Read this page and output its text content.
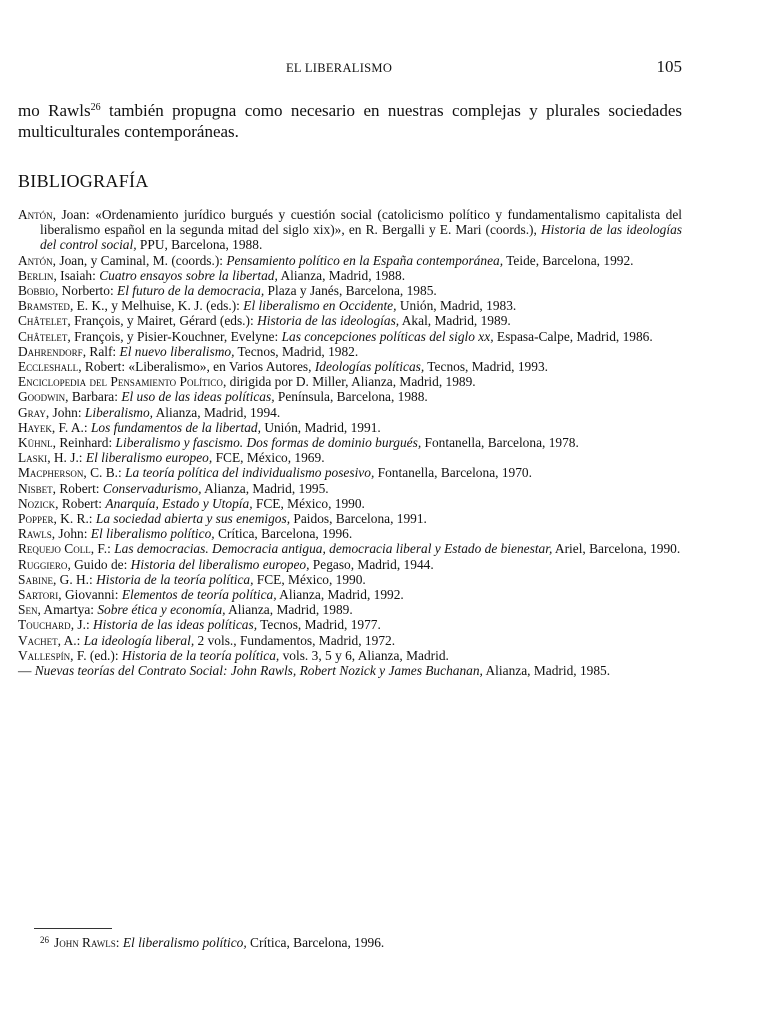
EL LIBERALISMO	105

mo Rawls$^{26}$ también propugna como necesario en nuestras complejas y plurales sociedades multiculturales contemporáneas.

BIBLIOGRAFÍA
Antón, Joan: «Ordenamiento jurídico burgués y cuestión social (catolicismo político y fundamentalismo capitalista del liberalismo español en la segunda mitad del siglo xix)», en R. Bergalli y E. Mari (coords.), Historia de las ideologías del control social, PPU, Barcelona, 1988.
Antón, Joan, y Caminal, M. (coords.): Pensamiento político en la España contemporánea, Teide, Barcelona, 1992.
Berlin, Isaiah: Cuatro ensayos sobre la libertad, Alianza, Madrid, 1988.
Bobbio, Norberto: El futuro de la democracia, Plaza y Janés, Barcelona, 1985.
Bramsted, E. K., y Melhuise, K. J. (eds.): El liberalismo en Occidente, Unión, Madrid, 1983.
Châtelet, François, y Mairet, Gérard (eds.): Historia de las ideologías, Akal, Madrid, 1989.
Châtelet, François, y Pisier-Kouchner, Evelyne: Las concepciones políticas del siglo xx, Espasa-Calpe, Madrid, 1986.
Dahrendorf, Ralf: El nuevo liberalismo, Tecnos, Madrid, 1982.
Eccleshall, Robert: «Liberalismo», en Varios Autores, Ideologías políticas, Tecnos, Madrid, 1993.
Enciclopedia del Pensamiento Político, dirigida por D. Miller, Alianza, Madrid, 1989.
Goodwin, Barbara: El uso de las ideas políticas, Península, Barcelona, 1988.
Gray, John: Liberalismo, Alianza, Madrid, 1994.
Hayek, F. A.: Los fundamentos de la libertad, Unión, Madrid, 1991.
Kühnl, Reinhard: Liberalismo y fascismo. Dos formas de dominio burgués, Fontanella, Barcelona, 1978.
Laski, H. J.: El liberalismo europeo, FCE, México, 1969.
Macpherson, C. B.: La teoría política del individualismo posesivo, Fontanella, Barcelona, 1970.
Nisbet, Robert: Conservadurismo, Alianza, Madrid, 1995.
Nozick, Robert: Anarquía, Estado y Utopía, FCE, México, 1990.
Popper, K. R.: La sociedad abierta y sus enemigos, Paidos, Barcelona, 1991.
Rawls, John: El liberalismo político, Crítica, Barcelona, 1996.
Requejo Coll, F.: Las democracias. Democracia antigua, democracia liberal y Estado de bienestar, Ariel, Barcelona, 1990.
Ruggiero, Guido de: Historia del liberalismo europeo, Pegaso, Madrid, 1944.
Sabine, G. H.: Historia de la teoría política, FCE, México, 1990.
Sartori, Giovanni: Elementos de teoría política, Alianza, Madrid, 1992.
Sen, Amartya: Sobre ética y economía, Alianza, Madrid, 1989.
Touchard, J.: Historia de las ideas políticas, Tecnos, Madrid, 1977.
Vachet, A.: La ideología liberal, 2 vols., Fundamentos, Madrid, 1972.
Vallespín, F. (ed.): Historia de la teoría política, vols. 3, 5 y 6, Alianza, Madrid.
— Nuevas teorías del Contrato Social: John Rawls, Robert Nozick y James Buchanan, Alianza, Madrid, 1985.
$^{26}$ John Rawls: El liberalismo político, Crítica, Barcelona, 1996.
